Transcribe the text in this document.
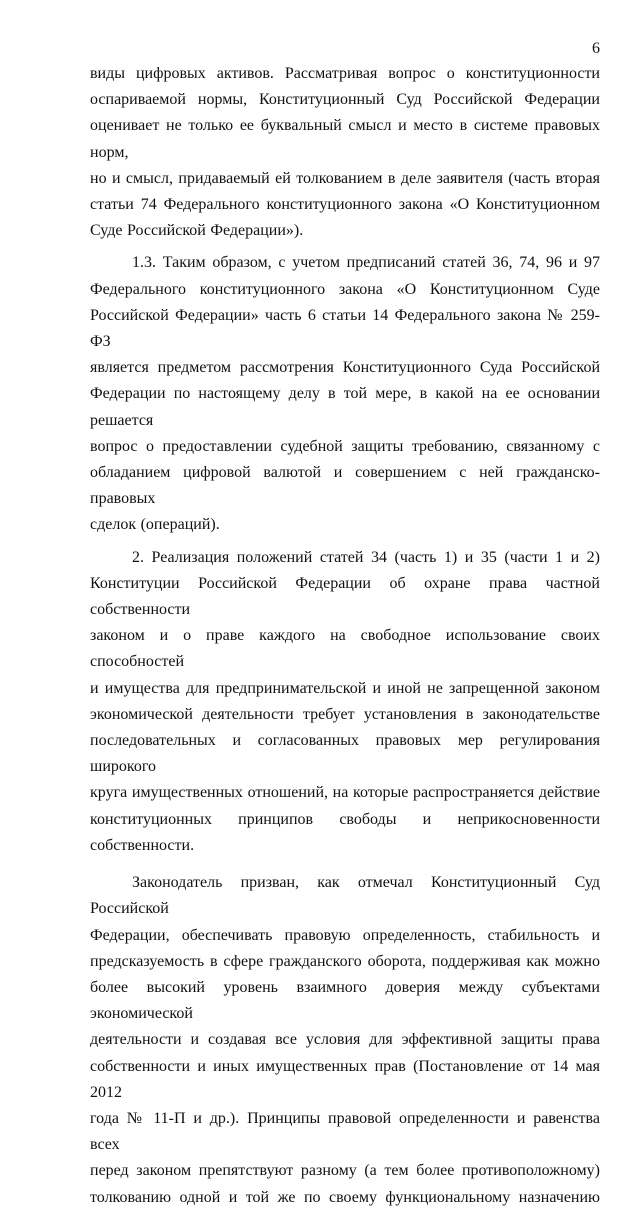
6

виды цифровых активов. Рассматривая вопрос о конституционности

оспариваемой нормы, Конституционный Суд Российской Федерации

оценивает не только ее буквальный смысл и место в системе правовых норм,

но и смысл, придаваемый ей толкованием в деле заявителя (часть вторая

статьи 74 Федерального конституционного закона «О Конституционном

Суде Российской Федерации»).

1.3. Таким образом, с учетом предписаний статей 36, 74, 96 и 97

Федерального конституционного закона «О Конституционном Суде

Российской Федерации» часть 6 статьи 14 Федерального закона № 259-ФЗ

является предметом рассмотрения Конституционного Суда Российской

Федерации по настоящему делу в той мере, в какой на ее основании решается

вопрос о предоставлении судебной защиты требованию, связанному с

обладанием цифровой валютой и совершением с ней гражданско-правовых

сделок (операций).

2. Реализация положений статей 34 (часть 1) и 35 (части 1 и 2)

Конституции Российской Федерации об охране права частной собственности

законом и о праве каждого на свободное использование своих способностей

и имущества для предпринимательской и иной не запрещенной законом

экономической деятельности требует установления в законодательстве

последовательных и согласованных правовых мер регулирования широкого

круга имущественных отношений, на которые распространяется действие

конституционных принципов свободы и неприкосновенности собственности.

Законодатель призван, как отмечал Конституционный Суд Российской

Федерации, обеспечивать правовую определенность, стабильность и

предсказуемость в сфере гражданского оборота, поддерживая как можно

более высокий уровень взаимного доверия между субъектами экономической

деятельности и создавая все условия для эффективной защиты права

собственности и иных имущественных прав (Постановление от 14 мая 2012

года № 11-П и др.). Принципы правовой определенности и равенства всех

перед законом препятствуют разному (а тем более противоположному)

толкованию одной и той же по своему функциональному назначению
